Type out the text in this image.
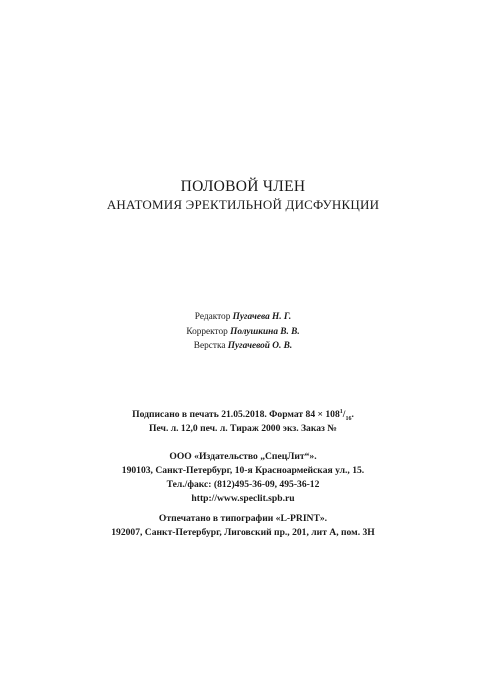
ПОЛОВОЙ ЧЛЕН
АНАТОМИЯ ЭРЕКТИЛЬНОЙ ДИСФУНКЦИИ
Редактор Пугачева Н. Г.
Корректор Полушкина В. В.
Верстка Пугачевой О. В.
Подписано в печать 21.05.2018. Формат $84 \times 108^1/_{16}$.
Печ. л. 12,0 печ. л. Тираж 2000 экз. Заказ №
ООО «Издательство „СпецЛит“».
190103, Санкт-Петербург, 10-я Красноармейская ул., 15.
Тел./факс: (812)495-36-09, 495-36-12
http://www.speclit.spb.ru
Отпечатано в типографии «L-PRINT».
192007, Санкт-Петербург, Лиговский пр., 201, лит А, пом. 3Н
